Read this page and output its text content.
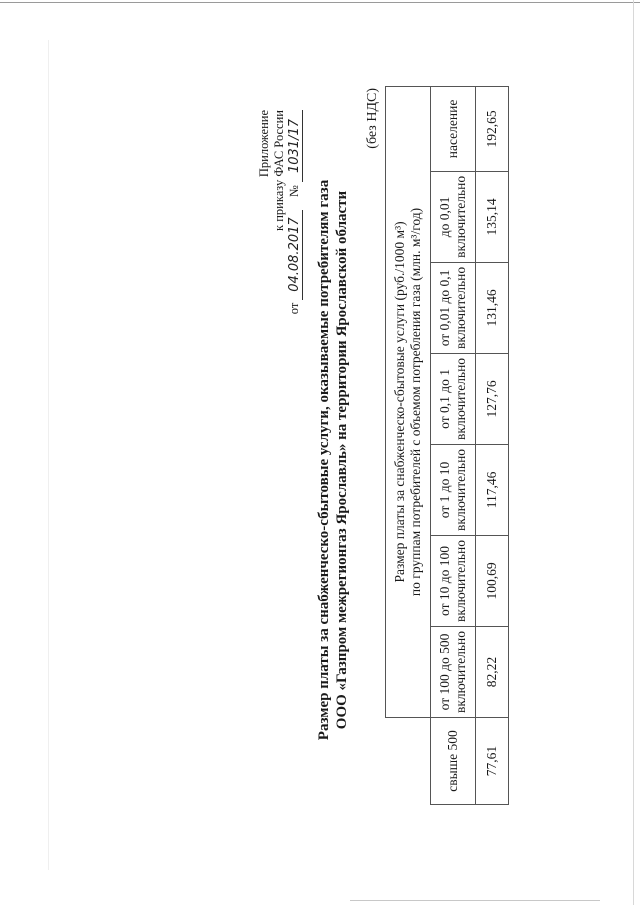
Приложение к приказу ФАС России
от 04.08.2017    № 1031/17
Размер платы за снабженческо-сбытовые услуги, оказываемые потребителям газа ООО «Газпром межрегионгаз Ярославль» на территории Ярославской области
(без НДС)

	Размер платы за снабженческо-сбытовые услуги (руб./1000 м³) по группам потребителей с объемом потребления газа (млн. м³/год)						

свыше 500	от 100 до 500 включительно	от 10 до 100 включительно	от 1 до 10 включительно	от 0,1 до 1 включительно	от 0,01 до 0,1 включительно	до 0,01 включительно	население

77,61	82,22	100,69	117,46	127,76	131,46	135,14	192,65
